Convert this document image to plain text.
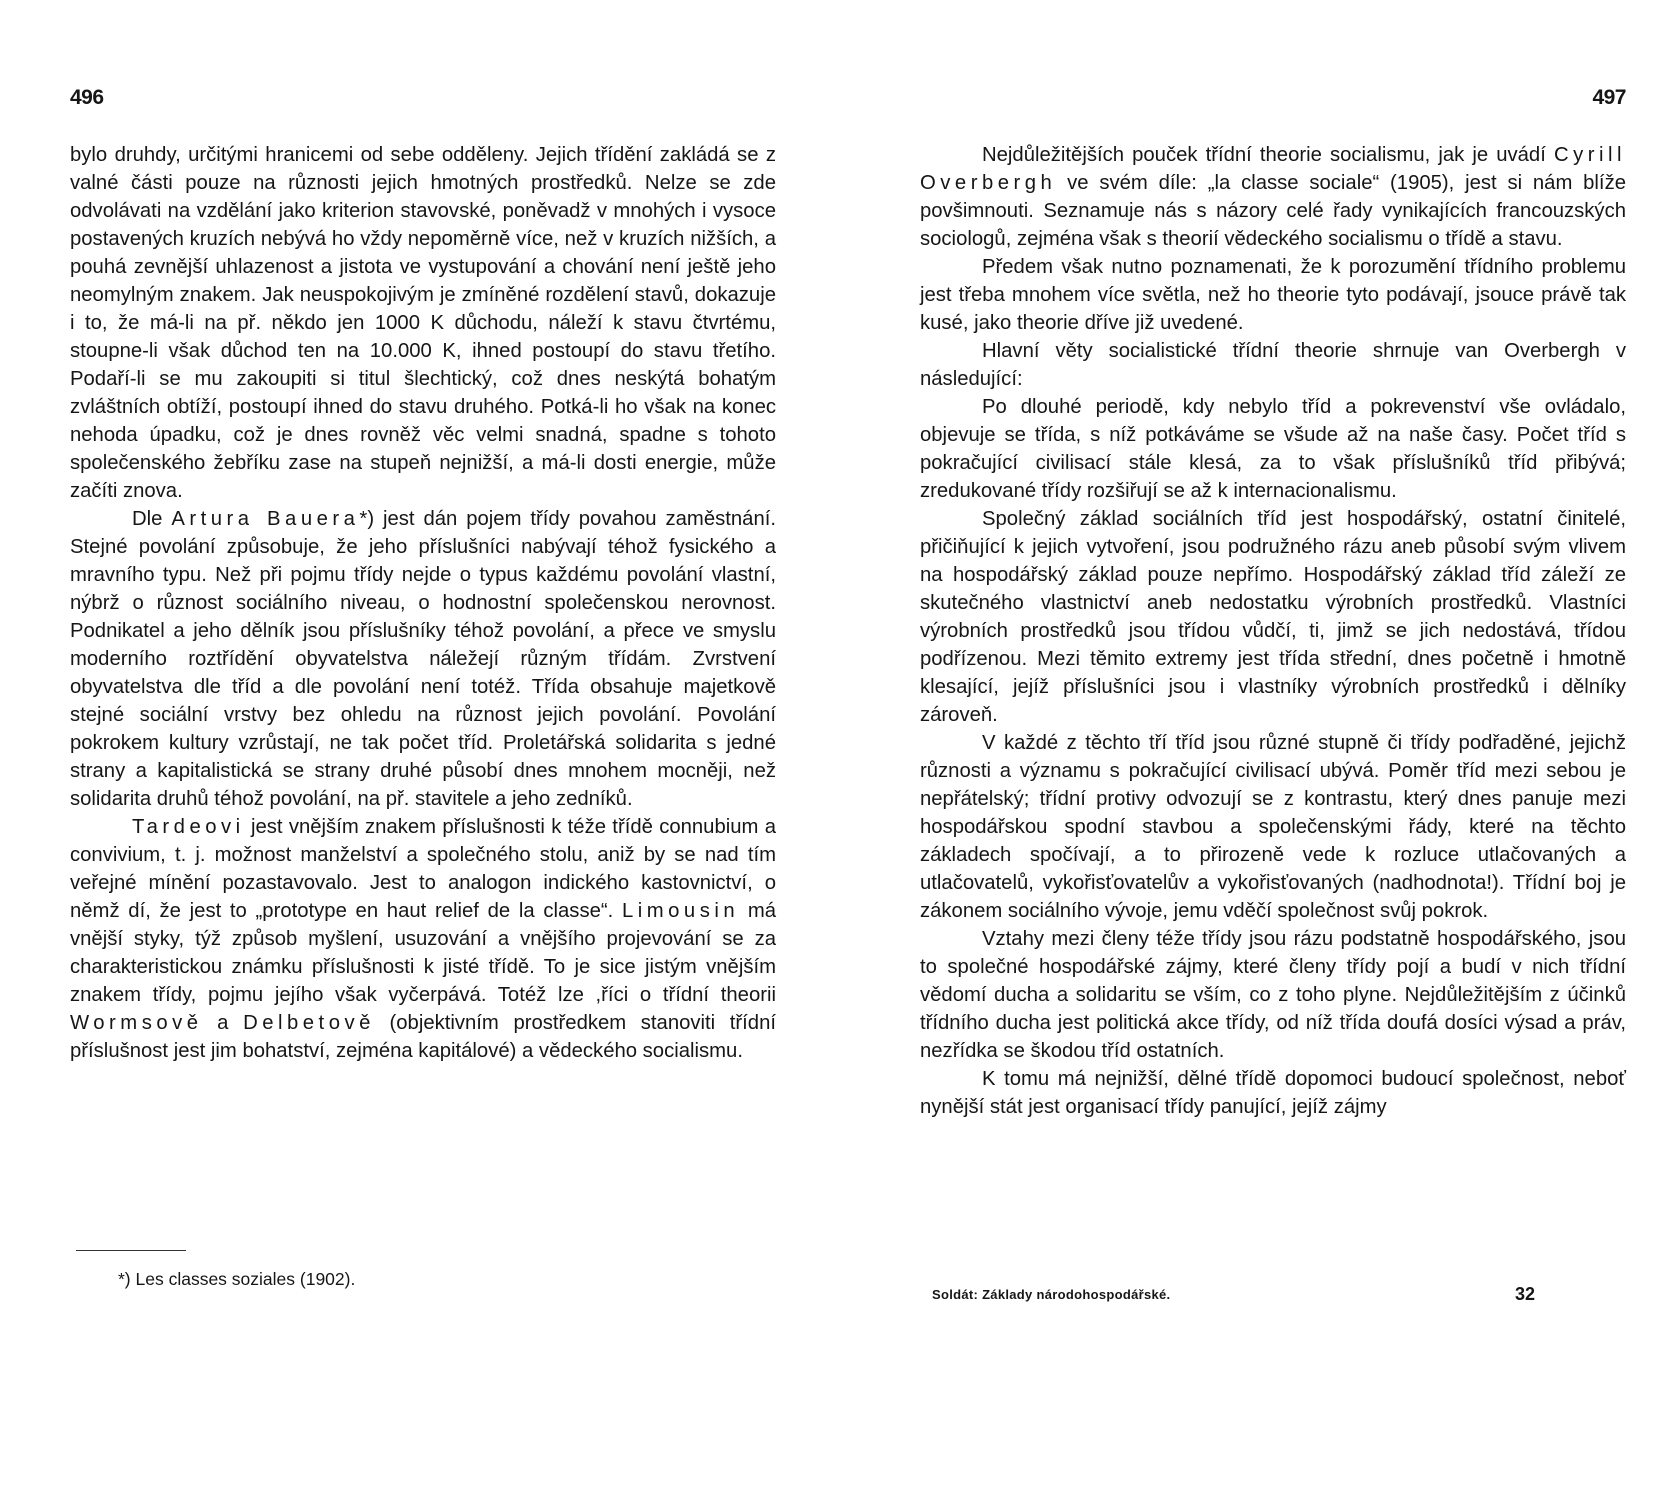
496

bylo druhdy, určitými hranicemi od sebe odděleny. Jejich třídění zakládá se z valné části pouze na různosti jejich hmotných prostředků. Nelze se zde odvolávati na vzdělání jako kriterion stavovské, poněvadž v mnohých i vysoce postavených kruzích nebývá ho vždy nepoměrně více, než v kruzích nižších, a pouhá zevnější uhlazenost a jistota ve vystupování a chování není ještě jeho neomylným znakem. Jak neuspokojivým je zmíněné rozdělení stavů, dokazuje i to, že má-li na př. někdo jen 1000 K důchodu, náleží k stavu čtvrtému, stoupne-li však důchod ten na 10.000 K, ihned postoupí do stavu třetího. Podaří-li se mu zakoupiti si titul šlechtický, což dnes neskýtá bohatým zvláštních obtíží, postoupí ihned do stavu druhého. Potká-li ho však na konec nehoda úpadku, což je dnes rovněž věc velmi snadná, spadne s tohoto společenského žebříku zase na stupeň nejnižší, a má-li dosti energie, může začíti znova.

Dle Artura Bauera*) jest dán pojem třídy povahou zaměstnání. Stejné povolání způsobuje, že jeho příslušníci nabývají téhož fysického a mravního typu. Než při pojmu třídy nejde o typus každému povolání vlastní, nýbrž o různost sociálního niveau, o hodnostní společenskou nerovnost. Podnikatel a jeho dělník jsou příslušníky téhož povolání, a přece ve smyslu moderního roztřídění obyvatelstva náležejí různým třídám. Zvrstvení obyvatelstva dle tříd a dle povolání není totéž. Třída obsahuje majetkově stejné sociální vrstvy bez ohledu na různost jejich povolání. Povolání pokrokem kultury vzrůstají, ne tak počet tříd. Proletářská solidarita s jedné strany a kapitalistická se strany druhé působí dnes mnohem mocněji, než solidarita druhů téhož povolání, na př. stavitele a jeho zedníků.

Tardeovi jest vnějším znakem příslušnosti k téže třídě connubium a convivium, t. j. možnost manželství a společného stolu, aniž by se nad tím veřejné mínění pozastavovalo. Jest to analogon indického kastovnictví, o němž dí, že jest to „prototype en haut relief de la classe“. Limousin má vnější styky, týž způsob myšlení, usuzování a vnějšího projevování se za charakteristickou známku příslušnosti k jisté třídě. To je sice jistým vnějším znakem třídy, pojmu jejího však vyčerpává. Totéž lze ,říci o třídní theorii Wormsově a Delbetově (objektivním prostředkem stanoviti třídní příslušnost jest jim bohatství, zejména kapitálové) a vědeckého socialismu.

*) Les classes soziales (1902).
497

Nejdůležitějších pouček třídní theorie socialismu, jak je uvádí Cyrill Overbergh ve svém díle: „la classe sociale“ (1905), jest si nám blíže povšimnouti. Seznamuje nás s názory celé řady vynikajících francouzských sociologů, zejména však s theorií vědeckého socialismu o třídě a stavu.

Předem však nutno poznamenati, že k porozumění třídního problemu jest třeba mnohem více světla, než ho theorie tyto podávají, jsouce právě tak kusé, jako theorie dříve již uvedené.

Hlavní věty socialistické třídní theorie shrnuje van Overbergh v následující:

Po dlouhé periodě, kdy nebylo tříd a pokrevenství vše ovládalo, objevuje se třída, s níž potkáváme se všude až na naše časy. Počet tříd s pokračující civilisací stále klesá, za to však příslušníků tříd přibývá; zredukované třídy rozšiřují se až k internacionalismu.

Společný základ sociálních tříd jest hospodářský, ostatní činitelé, přičiňující k jejich vytvoření, jsou podružného rázu aneb působí svým vlivem na hospodářský základ pouze nepřímo. Hospodářský základ tříd záleží ze skutečného vlastnictví aneb nedostatku výrobních prostředků. Vlastníci výrobních prostředků jsou třídou vůdčí, ti, jimž se jich nedostává, třídou podřízenou. Mezi těmito extremy jest třída střední, dnes početně i hmotně klesající, jejíž příslušníci jsou i vlastníky výrobních prostředků i dělníky zároveň.

V každé z těchto tří tříd jsou různé stupně či třídy podřaděné, jejichž různosti a významu s pokračující civilisací ubývá. Poměr tříd mezi sebou je nepřátelský; třídní protivy odvozují se z kontrastu, který dnes panuje mezi hospodářskou spodní stavbou a společenskými řády, které na těchto základech spočívají, a to přirozeně vede k rozluce utlačovaných a utlačovatelů, vykořisťovatelův a vykořisťovaných (nadhodnota!). Třídní boj je zákonem sociálního vývoje, jemu vděčí společnost svůj pokrok.

Vztahy mezi členy téže třídy jsou rázu podstatně hospodářského, jsou to společné hospodářské zájmy, které členy třídy pojí a budí v nich třídní vědomí ducha a solidaritu se vším, co z toho plyne. Nejdůležitějším z účinků třídního ducha jest politická akce třídy, od níž třída doufá dosíci výsad a práv, nezřídka se škodou tříd ostatních.

K tomu má nejnižší, dělné třídě dopomoci budoucí společnost, neboť nynější stát jest organisací třídy panující, jejíž zájmy

Soldát: Základy národohospodářské.	32
